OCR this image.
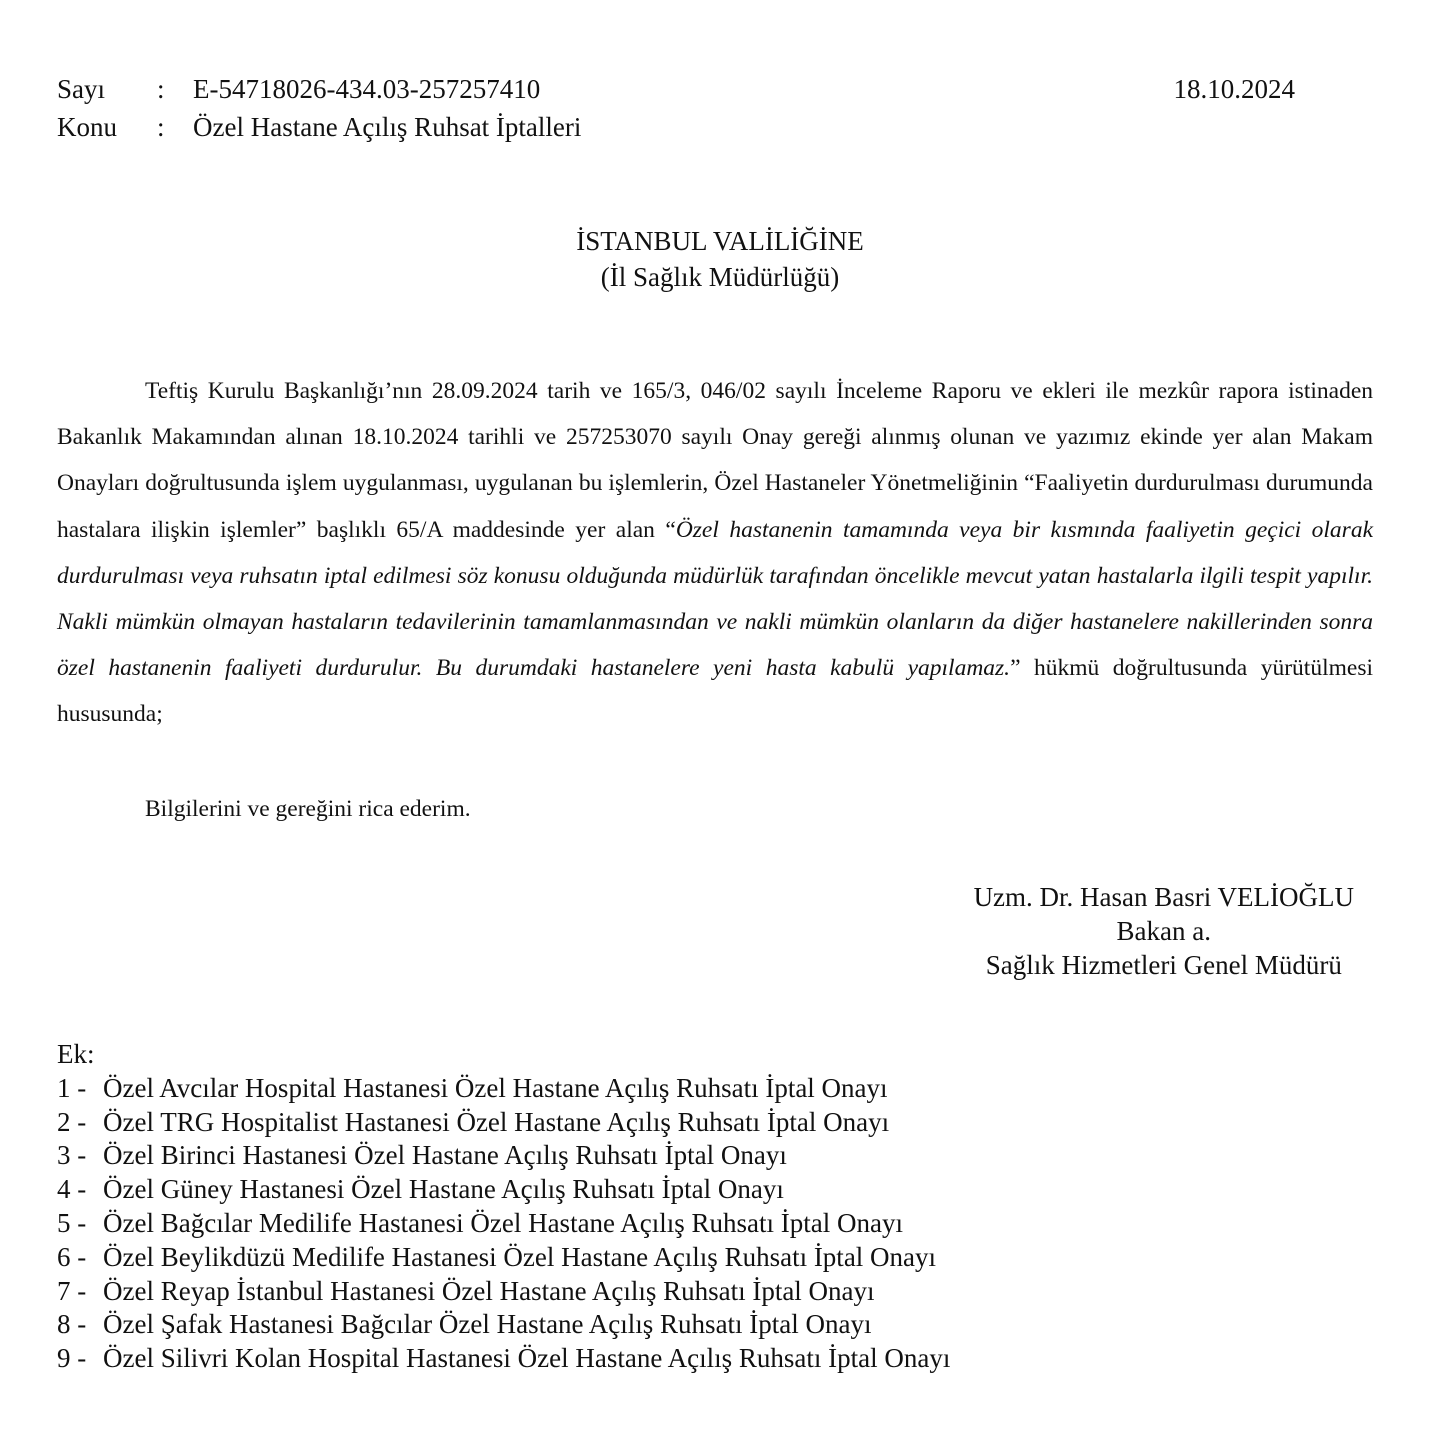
Sayı	:	E-54718026-434.03-257257410
Konu	:	Özel Hastane Açılış Ruhsat İptalleri
18.10.2024
İSTANBUL VALİLİĞİNE
(İl Sağlık Müdürlüğü)

Teftiş Kurulu Başkanlığı’nın 28.09.2024 tarih ve 165/3, 046/02 sayılı İnceleme Raporu ve ekleri ile mezkûr rapora istinaden Bakanlık Makamından alınan 18.10.2024 tarihli ve 257253070 sayılı Onay gereği alınmış olunan ve yazımız ekinde yer alan Makam Onayları doğrultusunda işlem uygulanması, uygulanan bu işlemlerin, Özel Hastaneler Yönetmeliğinin “Faaliyetin durdurulması durumunda hastalara ilişkin işlemler” başlıklı 65/A maddesinde yer alan “Özel hastanenin tamamında veya bir kısmında faaliyetin geçici olarak durdurulması veya ruhsatın iptal edilmesi söz konusu olduğunda müdürlük tarafından öncelikle mevcut yatan hastalarla ilgili tespit yapılır. Nakli mümkün olmayan hastaların tedavilerinin tamamlanmasından ve nakli mümkün olanların da diğer hastanelere nakillerinden sonra özel hastanenin faaliyeti durdurulur. Bu durumdaki hastanelere yeni hasta kabulü yapılamaz.” hükmü doğrultusunda yürütülmesi hususunda;

Bilgilerini ve gereğini rica ederim.
Uzm. Dr. Hasan Basri VELİOĞLU
Bakan a.
Sağlık Hizmetleri Genel Müdürü
Ek:
1 - Özel Avcılar Hospital Hastanesi Özel Hastane Açılış Ruhsatı İptal Onayı
2 - Özel TRG Hospitalist Hastanesi Özel Hastane Açılış Ruhsatı İptal Onayı
3 - Özel Birinci Hastanesi Özel Hastane Açılış Ruhsatı İptal Onayı
4 - Özel Güney Hastanesi Özel Hastane Açılış Ruhsatı İptal Onayı
5 - Özel Bağcılar Medilife Hastanesi Özel Hastane Açılış Ruhsatı İptal Onayı
6 - Özel Beylikdüzü Medilife Hastanesi Özel Hastane Açılış Ruhsatı İptal Onayı
7 - Özel Reyap İstanbul Hastanesi Özel Hastane Açılış Ruhsatı İptal Onayı
8 - Özel Şafak Hastanesi Bağcılar Özel Hastane Açılış Ruhsatı İptal Onayı
9 - Özel Silivri Kolan Hospital Hastanesi Özel Hastane Açılış Ruhsatı İptal Onayı
